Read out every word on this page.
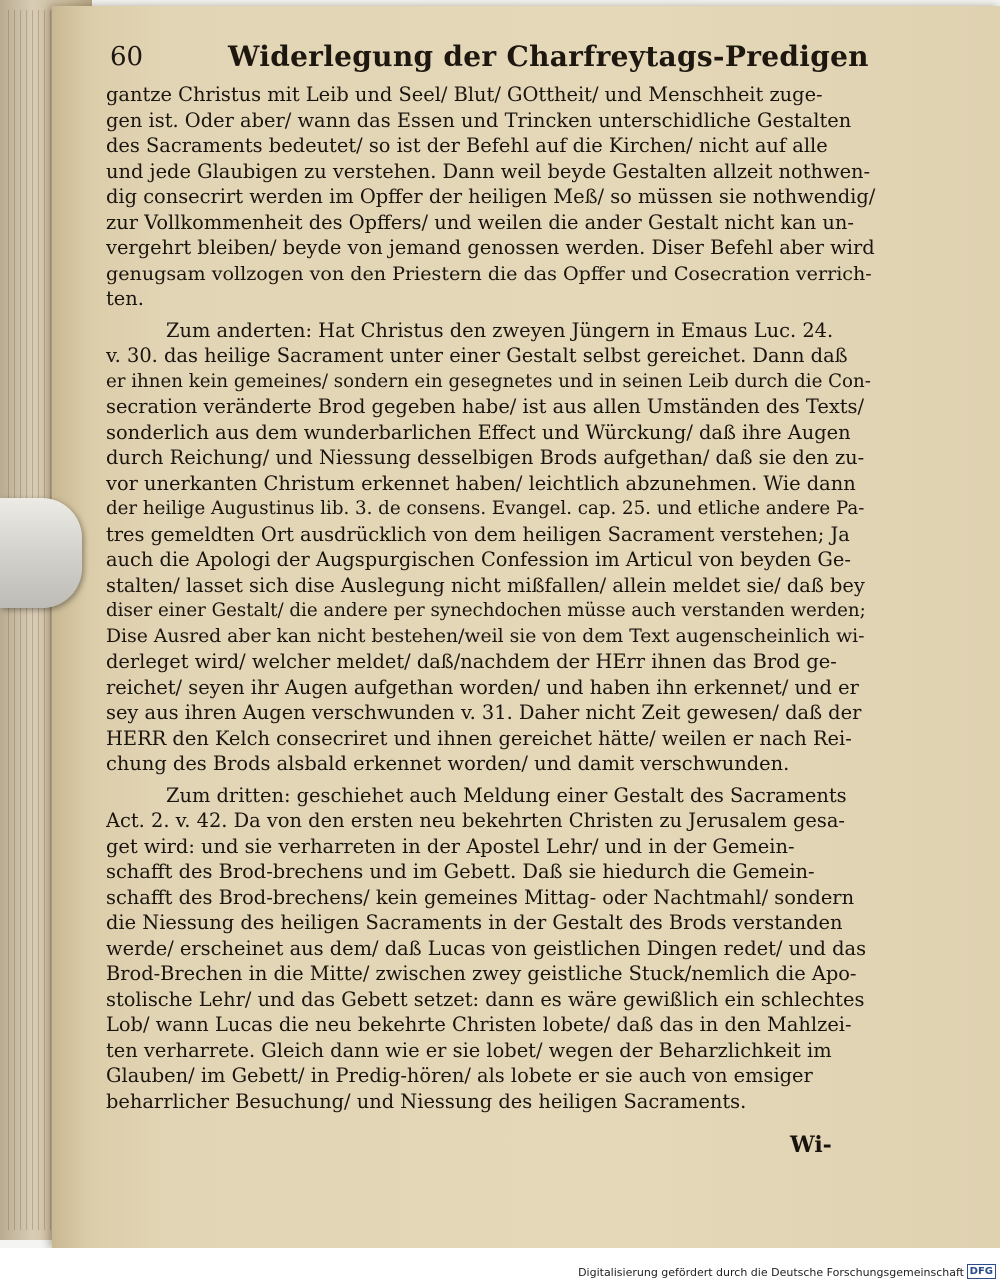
60	Widerlegung der Charfreytags-Predigen
gantze Christus mit Leib und Seel/ Blut/ GOttheit/ und Menschheit zuge-
gen ist. Oder aber/ wann das Essen und Trincken unterschidliche Gestalten
des Sacraments bedeutet/ so ist der Befehl auf die Kirchen/ nicht auf alle
und jede Glaubigen zu verstehen. Dann weil beyde Gestalten allzeit nothwen-
dig consecrirt werden im Opffer der heiligen Meß/ so müssen sie nothwendig/
zur Vollkommenheit des Opffers/ und weilen die ander Gestalt nicht kan un-
vergehrt bleiben/ beyde von jemand genossen werden. Diser Befehl aber wird
genugsam vollzogen von den Priestern die das Opffer und Cosecration verrich-
ten.
Zum anderten: Hat Christus den zweyen Jüngern in Emaus Luc. 24.
v. 30. das heilige Sacrament unter einer Gestalt selbst gereichet. Dann daß
er ihnen kein gemeines/ sondern ein gesegnetes und in seinen Leib durch die Con-
secration veränderte Brod gegeben habe/ ist aus allen Umständen des Texts/
sonderlich aus dem wunderbarlichen Effect und Würckung/ daß ihre Augen
durch Reichung/ und Niessung desselbigen Brods aufgethan/ daß sie den zu-
vor unerkanten Christum erkennet haben/ leichtlich abzunehmen. Wie dann
der heilige Augustinus lib. 3. de consens. Evangel. cap. 25. und etliche andere Pa-
tres gemeldten Ort ausdrücklich von dem heiligen Sacrament verstehen; Ja
auch die Apologi der Augspurgischen Confession im Articul von beyden Ge-
stalten/ lasset sich dise Auslegung nicht mißfallen/ allein meldet sie/ daß bey
diser einer Gestalt/ die andere per synechdochen müsse auch verstanden werden;
Dise Ausred aber kan nicht bestehen/weil sie von dem Text augenscheinlich wi-
derleget wird/ welcher meldet/ daß/nachdem der HErr ihnen das Brod ge-
reichet/ seyen ihr Augen aufgethan worden/ und haben ihn erkennet/ und er
sey aus ihren Augen verschwunden v. 31. Daher nicht Zeit gewesen/ daß der
HERR den Kelch consecriret und ihnen gereichet hätte/ weilen er nach Rei-
chung des Brods alsbald erkennet worden/ und damit verschwunden.
Zum dritten: geschiehet auch Meldung einer Gestalt des Sacraments
Act. 2. v. 42. Da von den ersten neu bekehrten Christen zu Jerusalem gesa-
get wird: und sie verharreten in der Apostel Lehr/ und in der Gemein-
schafft des Brod-brechens und im Gebett. Daß sie hiedurch die Gemein-
schafft des Brod-brechens/ kein gemeines Mittag- oder Nachtmahl/ sondern
die Niessung des heiligen Sacraments in der Gestalt des Brods verstanden
werde/ erscheinet aus dem/ daß Lucas von geistlichen Dingen redet/ und das
Brod-Brechen in die Mitte/ zwischen zwey geistliche Stuck/nemlich die Apo-
stolische Lehr/ und das Gebett setzet: dann es wäre gewißlich ein schlechtes
Lob/ wann Lucas die neu bekehrte Christen lobete/ daß das in den Mahlzei-
ten verharrete. Gleich dann wie er sie lobet/ wegen der Beharzlichkeit im
Glauben/ im Gebett/ in Predig-hören/ als lobete er sie auch von emsiger
beharrlicher Besuchung/ und Niessung des heiligen Sacraments.
Wi-
Digitalisierung gefördert durch die Deutsche Forschungsgemeinschaft DFG
